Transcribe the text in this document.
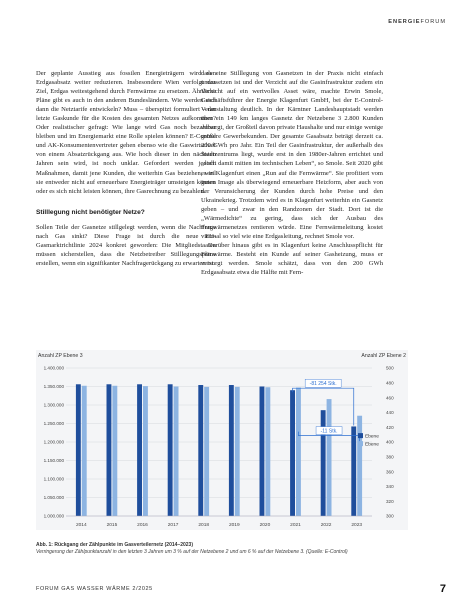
ENERGIEFORUM

Der geplante Ausstieg aus fossilen Energieträgern wird den Erdgasabsatz weiter reduzieren. Insbesondere Wien verfolgt das Ziel, Erdgas weitestgehend durch Fernwärme zu ersetzen. Ähnliche Pläne gibt es auch in den anderen Bundesländern. Wie werden sich dann die Netztarife entwickeln? Muss – überspitzt formuliert – der letzte Gaskunde für die Kosten des gesamten Netzes aufkommen? Oder realistischer gefragt: Wie lange wird Gas noch bezahlbar bleiben und im Energiemarkt eine Rolle spielen können? E-Control und AK-Konsumentenvertreter gehen ebenso wie die Gaswirtschaft von einem Absatzrückgang aus. Wie hoch dieser in den nächsten Jahren sein wird, ist noch unklar. Gefordert werden jedoch Maßnahmen, damit jene Kunden, die weiterhin Gas beziehen, weil sie entweder nicht auf erneuerbare Energieträger umsteigen können oder es sich nicht leisten können, ihre Gasrechnung zu bezahlen.

Stilllegung nicht benötigter Netze?

Sollen Teile der Gasnetze stillgelegt werden, wenn die Nachfrage nach Gas sinkt? Diese Frage ist durch die neue EU-Gasmarktrichtlinie 2024 konkret geworden: Die Mitgliedstaaten müssen sicherstellen, dass die Netzbetreiber Stilllegungspläne erstellen, wenn ein signifikanter Nachfragerückgang zu erwarten ist.

dass eine Stilllegung von Gasnetzen in der Praxis nicht einfach umzusetzen ist und der Verzicht auf die Gasinfrastruktur zudem ein Verzicht auf ein wertvolles Asset wäre, machte Erwin Smole, Geschäftsführer der Energie Klagenfurt GmbH, bei der E-Control-Veranstaltung deutlich. In der Kärntner Landeshauptstadt werden über ein 149 km langes Gasnetz der Netzebene 3 2.800 Kunden versorgt, der Großteil davon private Haushalte und nur einige wenige größere Gewerbekunden. Der gesamte Gasabsatz beträgt derzeit ca. 200 GWh pro Jahr. Ein Teil der Gasinfrastruktur, der außerhalb des Stadtzentrums liegt, wurde erst in den 1980er-Jahren errichtet und „steht damit mitten im technischen Leben“, so Smole. Seit 2020 gibt es in Klagenfurt einen „Run auf die Fernwärme“. Sie profitiert vom guten Image als überwiegend erneuerbare Heizform, aber auch von der Verunsicherung der Kunden durch hohe Preise und den Ukrainekrieg. Trotzdem wird es in Klagenfurt weiterhin ein Gasnetz geben – und zwar in den Randzonen der Stadt. Dort ist die „Wärmedichte“ zu gering, dass sich der Ausbau des Fernwärmenetzes rentieren würde. Eine Fernwärmeleitung kostet viermal so viel wie eine Erdgasleitung, rechnet Smole vor.

Darüber hinaus gibt es in Klagenfurt keine Anschlusspflicht für Fernwärme. Besteht ein Kunde auf seiner Gasheizung, muss er versorgt werden. Smole schätzt, dass von den 200 GWh Erdgasabsatz etwa die Hälfte mit Fern-

Anzahl ZP Ebene 3	Anzahl ZP Ebene 2
1.400.000
1.350.000
1.300.000
1.250.000
1.200.000
1.150.000
1.100.000
1.050.000
1.000.000
500
480
460
440
420
400
380
360
340
320
300
2014	2015	2016	2017	2018	2019	2020	2021	2022	2023
-81 254 Stk.
-11 Stk.
Ebene
Ebene
Abb. 1: Rückgang der Zählpunkte im Gasverteilernetz (2014–2023)
Verringerung der Zählpunktanzahl in den letzten 3 Jahren um 3 % auf der Netzebene 2 und um 6 % auf der Netzebene 3. (Quelle: E-Control)
FORUM GAS WASSER WÄRME 2/2025	7
